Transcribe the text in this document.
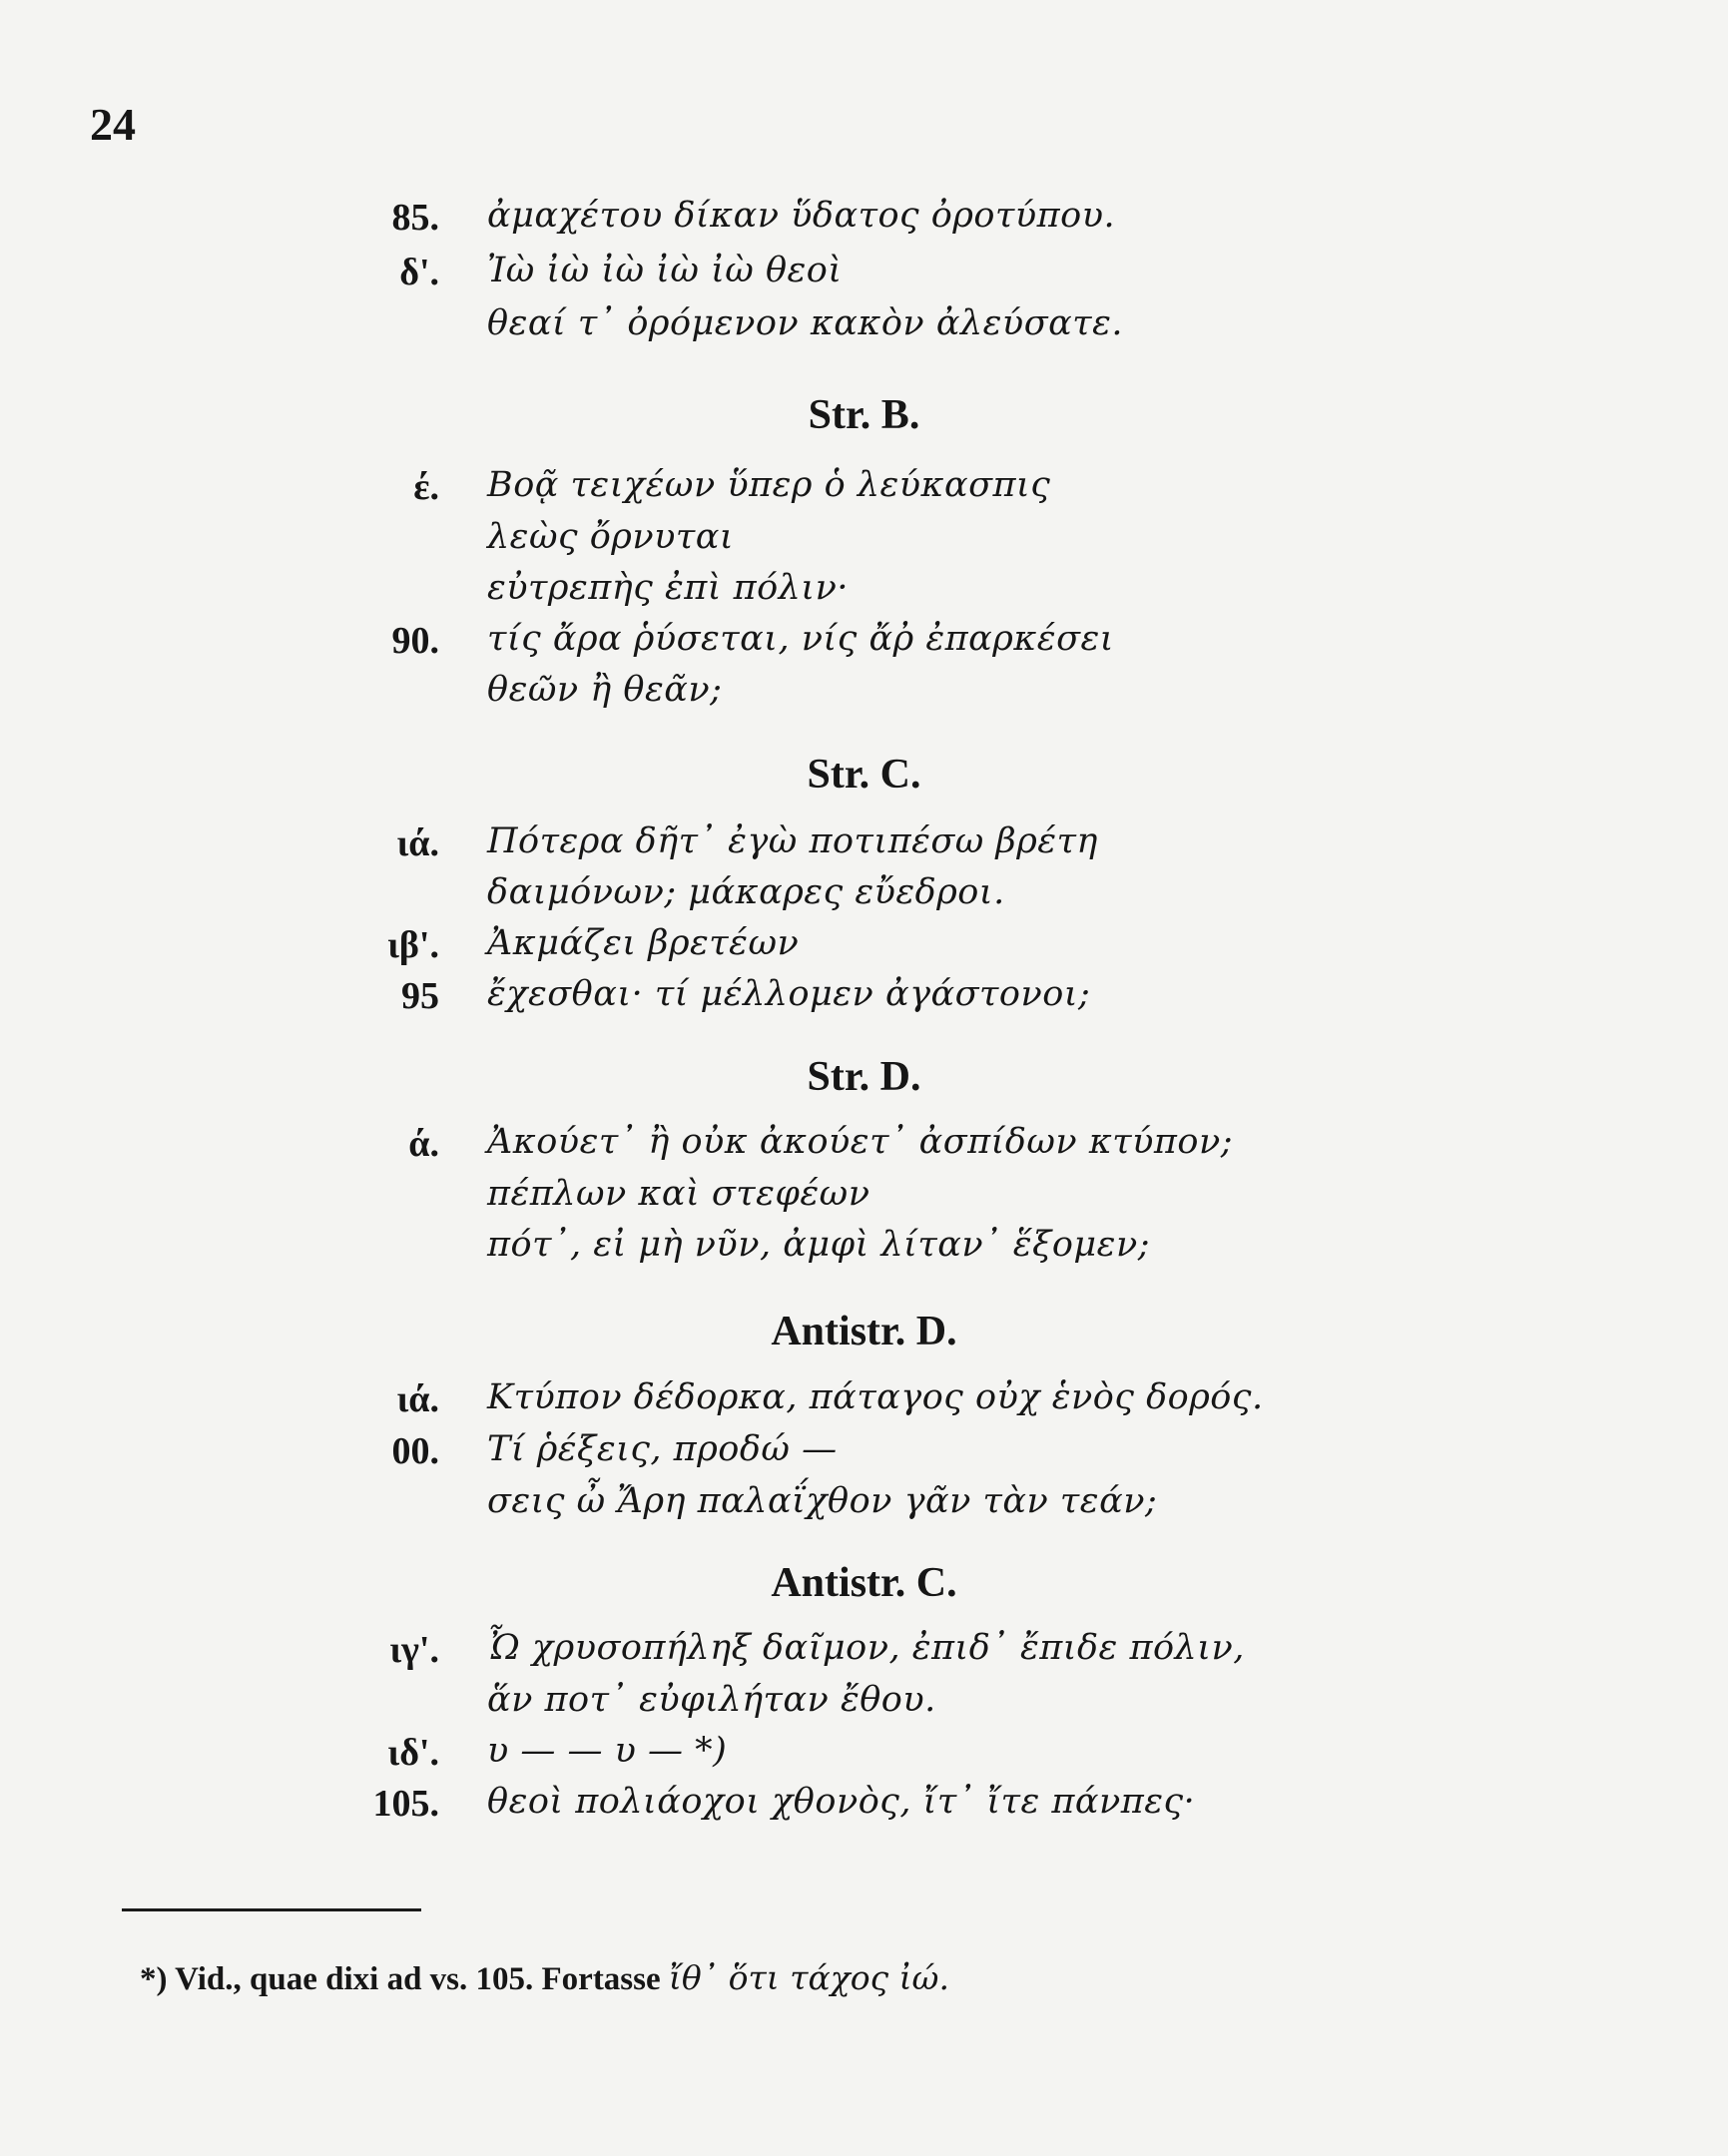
24
85. ἀμαχέτου δίκαν ὕδατος ὀροτύπου.
δ'. Ἰὼ ἰὼ ἰὼ ἰὼ ἰὼ θεοὶ
θεαί τ᾽ ὀρόμενον κακὸν ἀλεύσατε.
Str. B.
έ. Βοᾷ τειχέων ὕπερ ὁ λεύκασπις
λεὼς ὄρνυται
εὐτρεπὴς ἐπὶ πόλιν·
90. τίς ἄρα ῥύσεται, νίς ἄῤ ἐπαρκέσει
θεῶν ἢ θεᾶν;
Str. C.
ιά. Πότερα δῆτ᾽ ἐγὼ ποτιπέσω βρέτη
δαιμόνων; μάκαρες εὔεδροι.
ιβ'. Ἀκμάζει βρετέων
95 ἔχεσθαι· τί μέλλομεν ἀγάστονοι;
Str. D.
ά. Ἀκούετ᾽ ἢ οὐκ ἀκούετ᾽ ἀσπίδων κτύπον;
πέπλων καὶ στεφέων
πότ᾽, εἰ μὴ νῦν, ἀμφὶ λίταν᾽ ἕξομεν;
Antistr. D.
ιά. Κτύπον δέδορκα, πάταγος οὐχ ἑνὸς δορός.
00. Τί ῥέξεις, προδώ —
σεις ὦ Ἄρη παλαΐχθον γᾶν τὰν τεάν;
Antistr. C.
ιγ'. Ὦ χρυσοπήληξ δαῖμον, ἐπιδ᾽ ἔπιδε πόλιν,
ἅν ποτ᾽ εὐφιλήταν ἔθου.
ιδ'. υ — — υ — *)
105. θεοὶ πολιάοχοι χθονὸς, ἴτ᾽ ἴτε πάνπες·
*) Vid., quae dixi ad vs. 105. Fortasse ἴθ᾽ ὅτι τάχος ἰώ.
